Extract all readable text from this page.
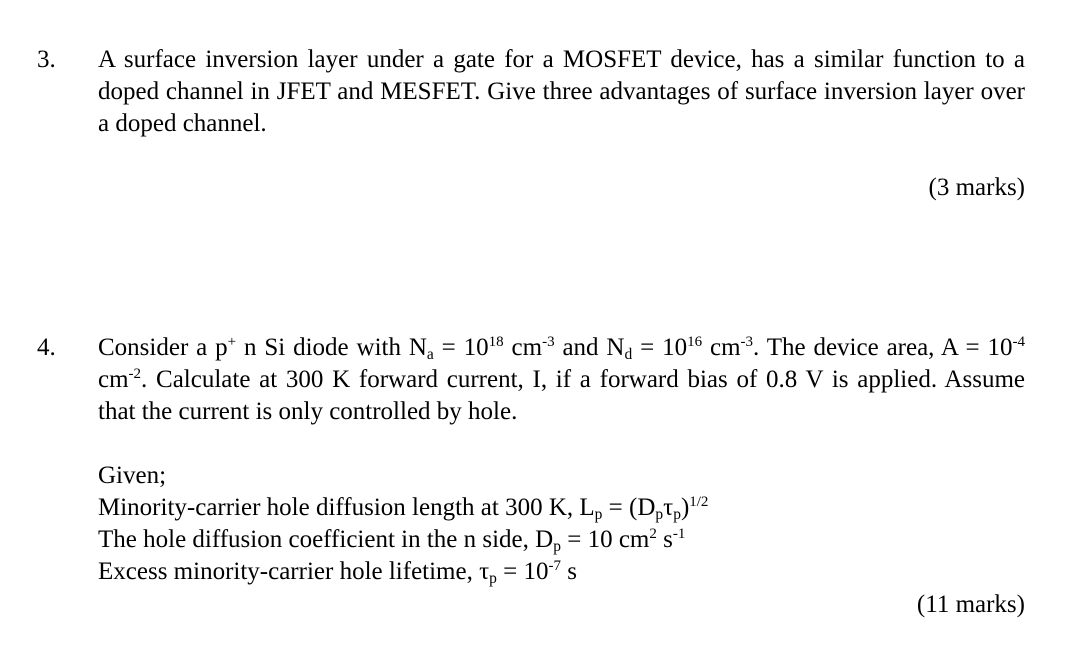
3. A surface inversion layer under a gate for a MOSFET device, has a similar function to a doped channel in JFET and MESFET. Give three advantages of surface inversion layer over a doped channel.
(3 marks)
4. Consider a p+ n Si diode with $N_a = 10^{18}$ $cm^{-3}$ and $N_d = 10^{16}$ $cm^{-3}$. The device area, $A = 10^{-4}$ $cm^{-2}$. Calculate at 300 K forward current, I, if a forward bias of 0.8 V is applied. Assume that the current is only controlled by hole.
Given;
Minority-carrier hole diffusion length at 300 K, $L_p = (D_p\tau_p)^{1/2}$
The hole diffusion coefficient in the n side, $D_p = 10$ $cm^2$ $s^{-1}$
Excess minority-carrier hole lifetime, $\tau_p = 10^{-7}$ s
(11 marks)
